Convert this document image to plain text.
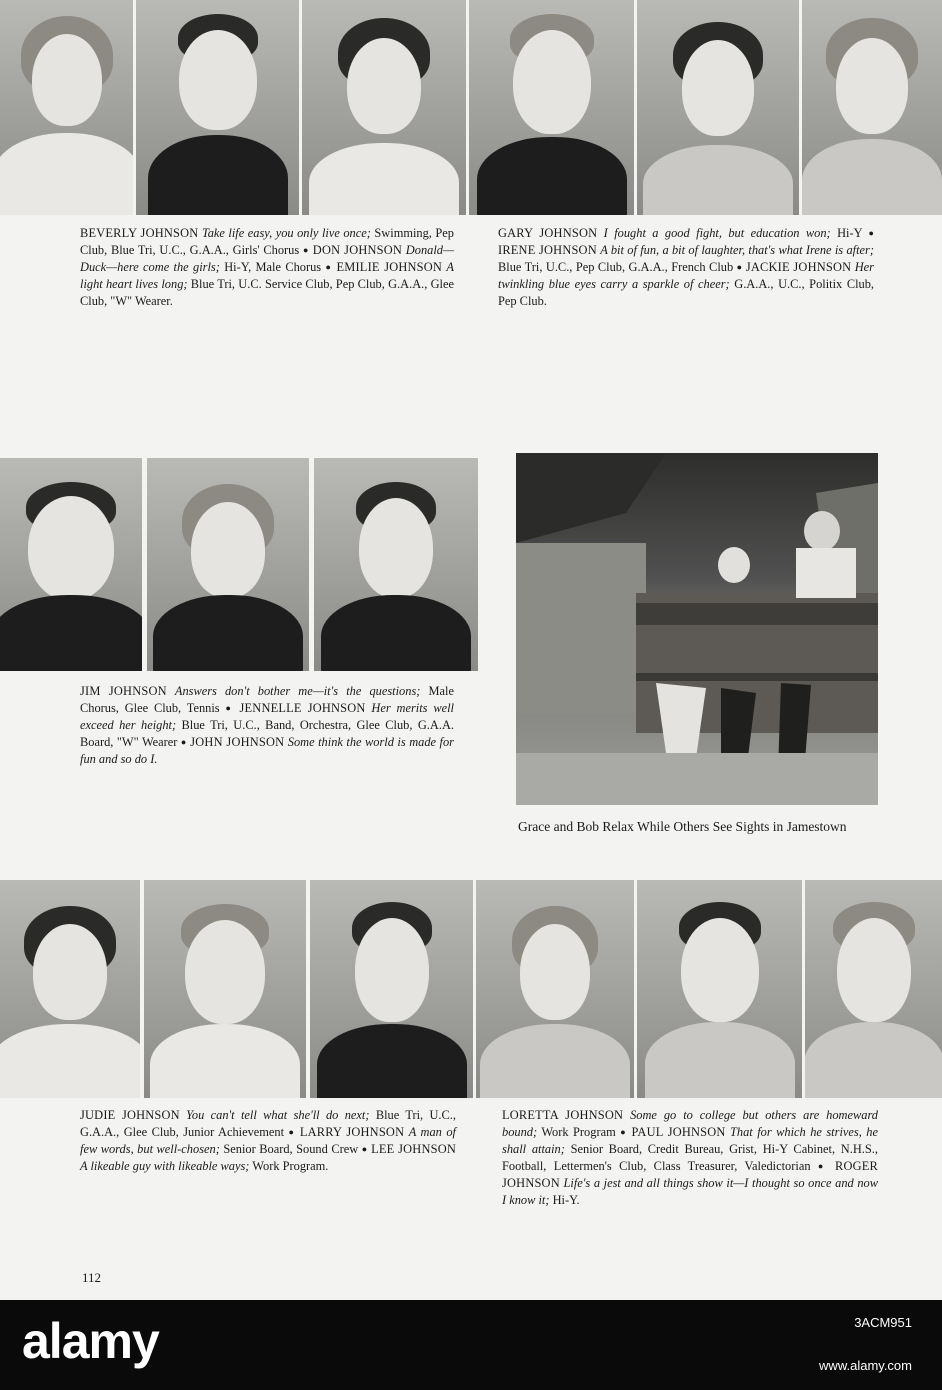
BEVERLY JOHNSON Take life easy, you only live once; Swimming, Pep Club, Blue Tri, U.C., G.A.A., Girls' Chorus ● DON JOHNSON Donald—Duck—here come the girls; Hi-Y, Male Chorus ● EMILIE JOHNSON A light heart lives long; Blue Tri, U.C. Service Club, Pep Club, G.A.A., Glee Club, "W" Wearer.

GARY JOHNSON I fought a good fight, but education won; Hi-Y ● IRENE JOHNSON A bit of fun, a bit of laughter, that's what Irene is after; Blue Tri, U.C., Pep Club, G.A.A., French Club ● JACKIE JOHNSON Her twinkling blue eyes carry a sparkle of cheer; G.A.A., U.C., Politix Club, Pep Club.

JIM JOHNSON Answers don't bother me—it's the questions; Male Chorus, Glee Club, Tennis ● JENNELLE JOHNSON Her merits well exceed her height; Blue Tri, U.C., Band, Orchestra, Glee Club, G.A.A. Board, "W" Wearer ● JOHN JOHNSON Some think the world is made for fun and so do I.

Grace and Bob Relax While Others See Sights in Jamestown

JUDIE JOHNSON You can't tell what she'll do next; Blue Tri, U.C., G.A.A., Glee Club, Junior Achievement ● LARRY JOHNSON A man of few words, but well-chosen; Senior Board, Sound Crew ● LEE JOHNSON A likeable guy with likeable ways; Work Program.

LORETTA JOHNSON Some go to college but others are homeward bound; Work Program ● PAUL JOHNSON That for which he strives, he shall attain; Senior Board, Credit Bureau, Grist, Hi-Y Cabinet, N.H.S., Football, Lettermen's Club, Class Treasurer, Valedictorian ● ROGER JOHNSON Life's a jest and all things show it—I thought so once and now I know it; Hi-Y.

112
alamy	3ACM951
www.alamy.com
